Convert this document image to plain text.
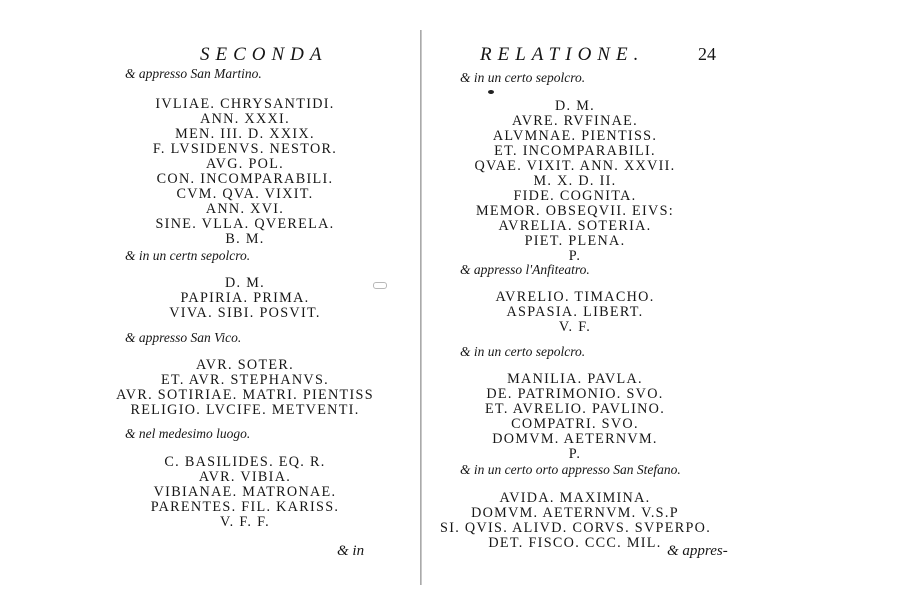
SECONDA
& appresso San Martino.
IVLIAE. CHRYSANTIDI.
ANN. XXXI.
MEN. III. D. XXIX.
F. LVSIDENVS. NESTOR.
AVG. POL.
CON. INCOMPARABILI.
CVM. QVA. VIXIT.
ANN. XVI.
SINE. VLLA. QVERELA.
B. M.
& in un certn sepolcro.
D. M.
PAPIRIA. PRIMA.
VIVA. SIBI. POSVIT.
& appresso San Vico.
AVR. SOTER.
ET. AVR. STEPHANVS.
AVR. SOTIRIAE. MATRI. PIENTISS
RELIGIO. LVCIFE. METVENTI.
& nel medesimo luogo.
C. BASILIDES. EQ. R.
AVR. VIBIA.
VIBIANAE. MATRONAE.
PARENTES. FIL. KARISS.
V. F. F.
& in
RELATIONE.	24
& in un certo sepolcro.
D. M.
AVRE. RVFINAE.
ALVMNAE. PIENTISS.
ET. INCOMPARABILI.
QVAE. VIXIT. ANN. XXVII.
M. X. D. II.
FIDE. COGNITA.
MEMOR. OBSEQVII. EIVS:
AVRELIA. SOTERIA.
PIET. PLENA.
P.
& appresso l'Anfiteatro.
AVRELIO. TIMACHO.
ASPASIA. LIBERT.
V. F.
& in un certo sepolcro.
MANILIA. PAVLA.
DE. PATRIMONIO. SVO.
ET. AVRELIO. PAVLINO.
COMPATRI. SVO.
DOMVM. AETERNVM.
P.
& in un certo orto appresso San Stefano.
AVIDA. MAXIMINA.
DOMVM. AETERNVM. V.S.P
SI. QVIS. ALIVD. CORVS. SVPERPO.
DET. FISCO. CCC. MIL. & appres-
